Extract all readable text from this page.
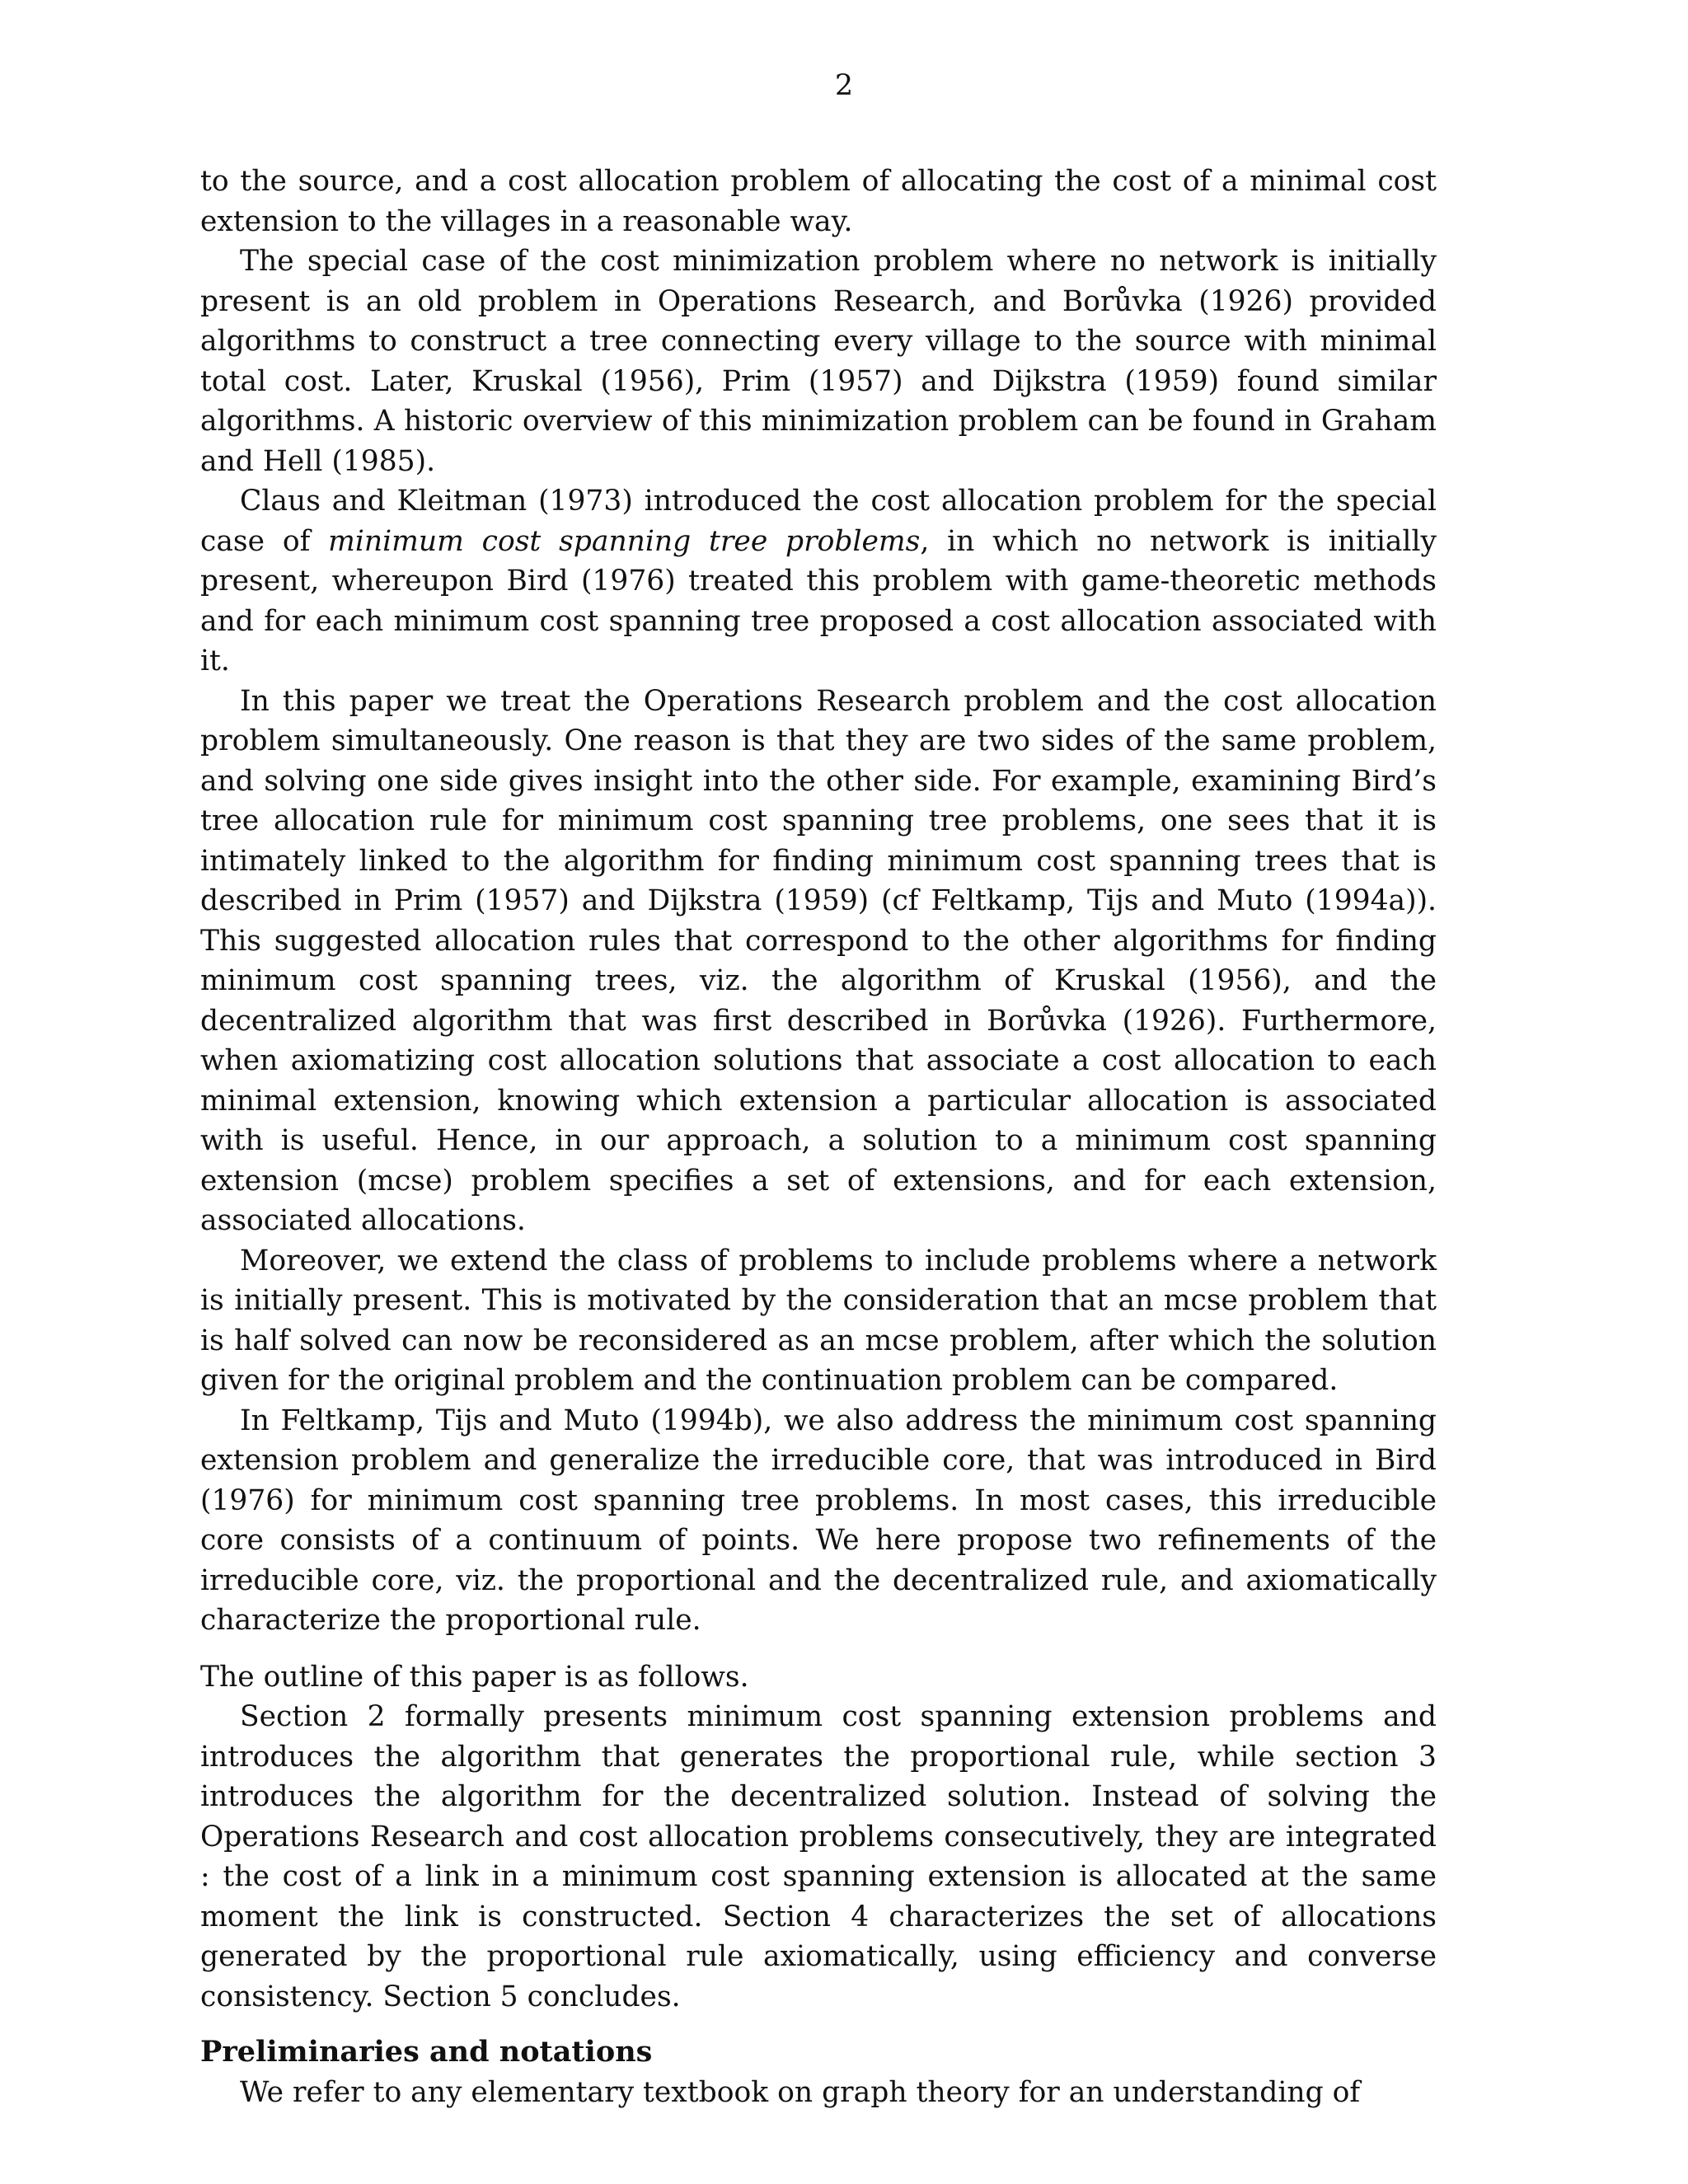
2

to the source, and a cost allocation problem of allocating the cost of a minimal cost extension to the villages in a reasonable way.

The special case of the cost minimization problem where no network is initially present is an old problem in Operations Research, and Borůvka (1926) provided algorithms to construct a tree connecting every village to the source with minimal total cost. Later, Kruskal (1956), Prim (1957) and Dijkstra (1959) found similar algorithms. A historic overview of this minimization problem can be found in Graham and Hell (1985).

Claus and Kleitman (1973) introduced the cost allocation problem for the special case of minimum cost spanning tree problems, in which no network is initially present, whereupon Bird (1976) treated this problem with game-theoretic methods and for each minimum cost spanning tree proposed a cost allocation associated with it.

In this paper we treat the Operations Research problem and the cost allocation problem simultaneously. One reason is that they are two sides of the same problem, and solving one side gives insight into the other side. For example, examining Bird’s tree allocation rule for minimum cost spanning tree problems, one sees that it is intimately linked to the algorithm for finding minimum cost spanning trees that is described in Prim (1957) and Dijkstra (1959) (cf Feltkamp, Tijs and Muto (1994a)). This suggested allocation rules that correspond to the other algorithms for finding minimum cost spanning trees, viz. the algorithm of Kruskal (1956), and the decentralized algorithm that was first described in Borůvka (1926). Furthermore, when axiomatizing cost allocation solutions that associate a cost allocation to each minimal extension, knowing which extension a particular allocation is associated with is useful. Hence, in our approach, a solution to a minimum cost spanning extension (mcse) problem specifies a set of extensions, and for each extension, associated allocations.

Moreover, we extend the class of problems to include problems where a network is initially present. This is motivated by the consideration that an mcse problem that is half solved can now be reconsidered as an mcse problem, after which the solution given for the original problem and the continuation problem can be compared.

In Feltkamp, Tijs and Muto (1994b), we also address the minimum cost spanning extension problem and generalize the irreducible core, that was introduced in Bird (1976) for minimum cost spanning tree problems. In most cases, this irreducible core consists of a continuum of points. We here propose two refinements of the irreducible core, viz. the proportional and the decentralized rule, and axiomatically characterize the proportional rule.

The outline of this paper is as follows.

Section 2 formally presents minimum cost spanning extension problems and introduces the algorithm that generates the proportional rule, while section 3 introduces the algorithm for the decentralized solution. Instead of solving the Operations Research and cost allocation problems consecutively, they are integrated : the cost of a link in a minimum cost spanning extension is allocated at the same moment the link is constructed. Section 4 characterizes the set of allocations generated by the proportional rule axiomatically, using efficiency and converse consistency. Section 5 concludes.

Preliminaries and notations

We refer to any elementary textbook on graph theory for an understanding of
